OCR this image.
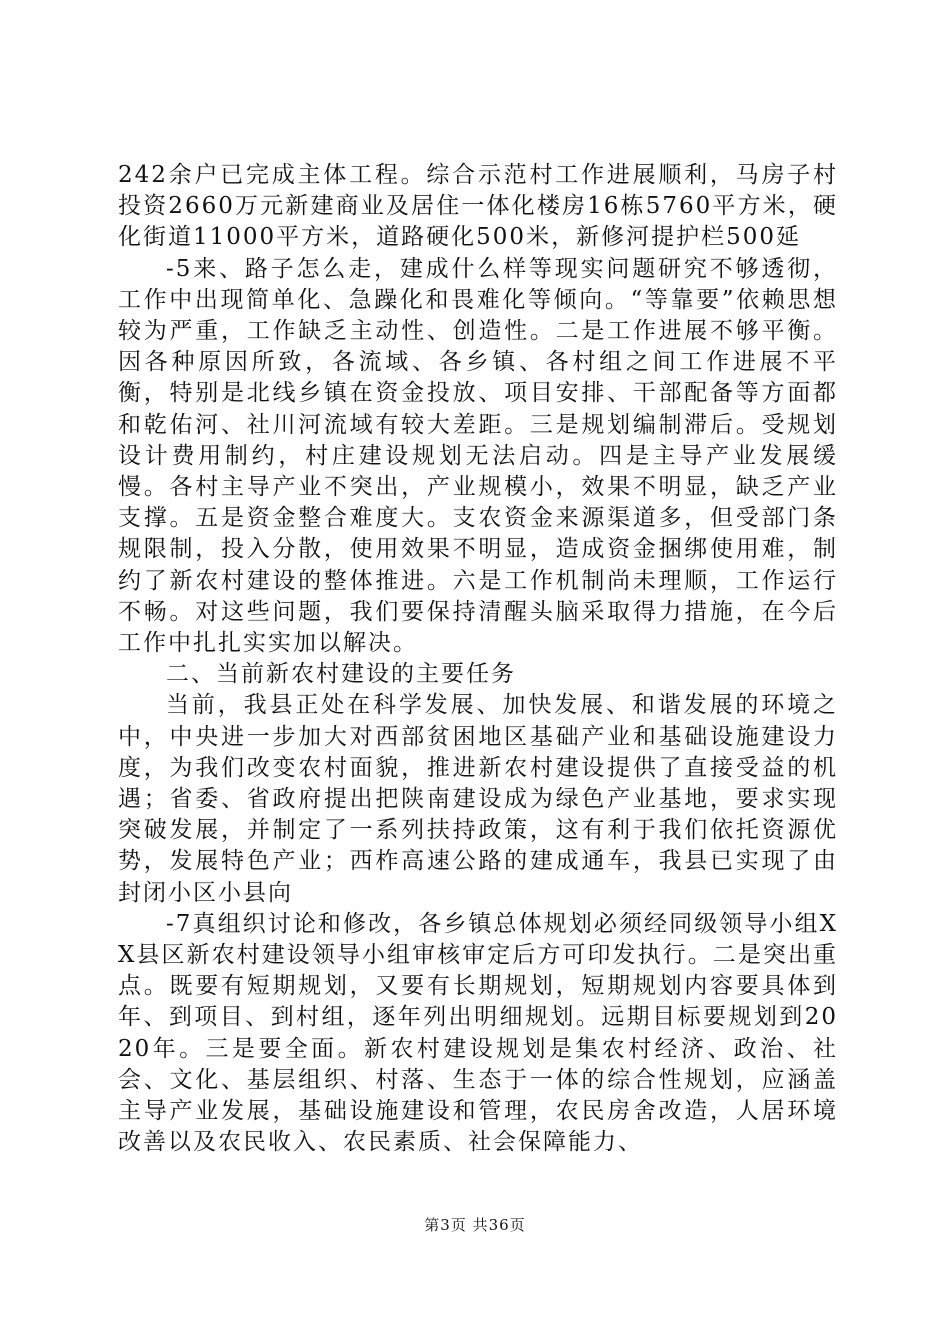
242余户已完成主体工程。综合示范村工作进展顺利，马房子村投资2660万元新建商业及居住一体化楼房16栋5760平方米，硬化街道11000平方米，道路硬化500米，新修河提护栏500延

-5来、路子怎么走，建成什么样等现实问题研究不够透彻，工作中出现简单化、急躁化和畏难化等倾向。“等靠要”依赖思想较为严重，工作缺乏主动性、创造性。二是工作进展不够平衡。因各种原因所致，各流域、各乡镇、各村组之间工作进展不平衡，特别是北线乡镇在资金投放、项目安排、干部配备等方面都和乾佑河、社川河流域有较大差距。三是规划编制滞后。受规划设计费用制约，村庄建设规划无法启动。四是主导产业发展缓慢。各村主导产业不突出，产业规模小，效果不明显，缺乏产业支撑。五是资金整合难度大。支农资金来源渠道多，但受部门条规限制，投入分散，使用效果不明显，造成资金捆绑使用难，制约了新农村建设的整体推进。六是工作机制尚未理顺，工作运行不畅。对这些问题，我们要保持清醒头脑采取得力措施，在今后工作中扎扎实实加以解决。

二、当前新农村建设的主要任务

当前，我县正处在科学发展、加快发展、和谐发展的环境之中，中央进一步加大对西部贫困地区基础产业和基础设施建设力度，为我们改变农村面貌，推进新农村建设提供了直接受益的机遇；省委、省政府提出把陕南建设成为绿色产业基地，要求实现突破发展，并制定了一系列扶持政策，这有利于我们依托资源优势，发展特色产业；西柞高速公路的建成通车，我县已实现了由封闭小区小县向

-7真组织讨论和修改，各乡镇总体规划必须经同级领导小组XX县区新农村建设领导小组审核审定后方可印发执行。二是突出重点。既要有短期规划，又要有长期规划，短期规划内容要具体到年、到项目、到村组，逐年列出明细规划。远期目标要规划到2020年。三是要全面。新农村建设规划是集农村经济、政治、社会、文化、基层组织、村落、生态于一体的综合性规划，应涵盖主导产业发展，基础设施建设和管理，农民房舍改造，人居环境改善以及农民收入、农民素质、社会保障能力、

第3页 共36页
